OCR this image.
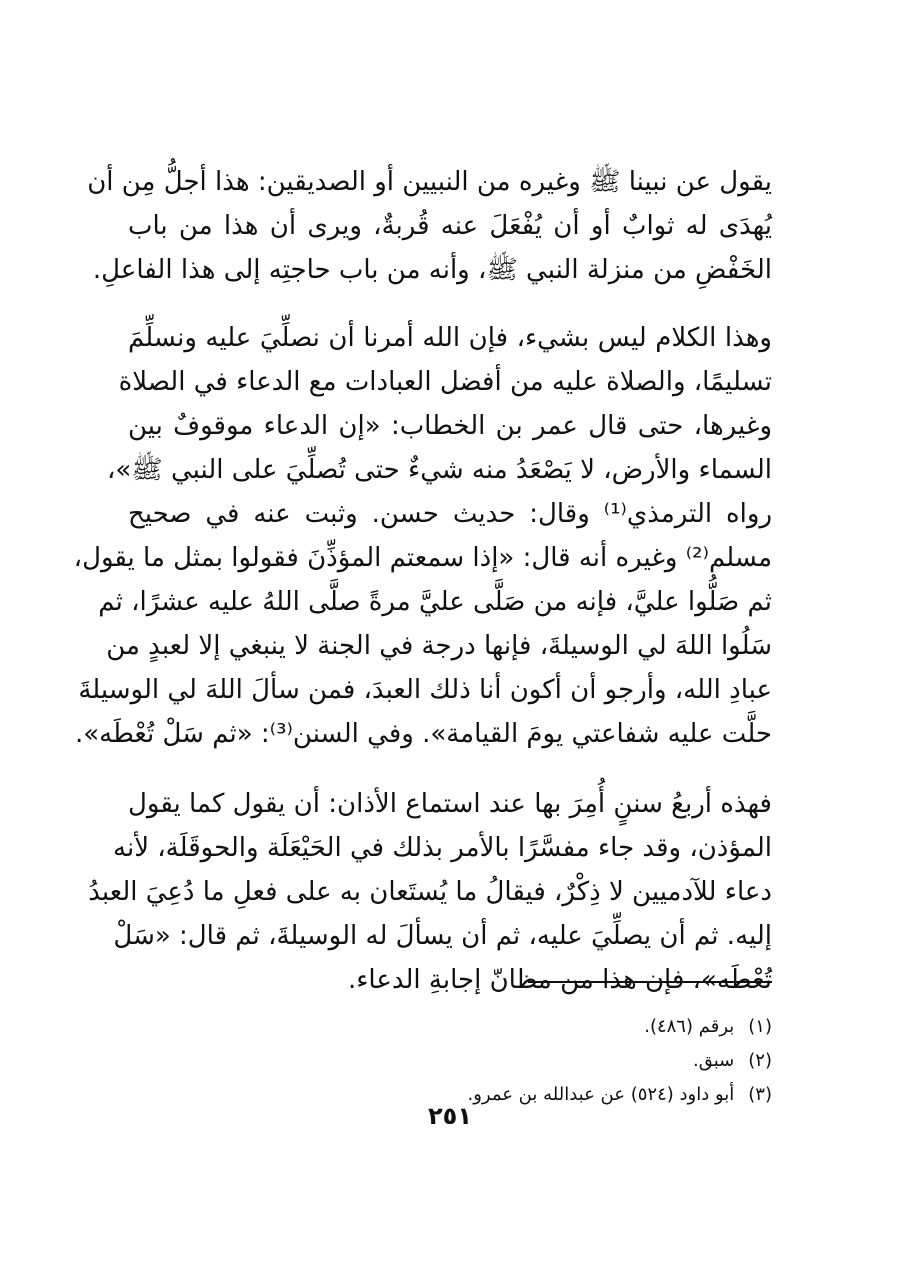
يقول عن نبينا ﷺ وغيره من النبيين أو الصديقين: هذا أجلُّ مِن أن
يُهدَى له ثوابٌ أو أن يُفْعَلَ عنه قُربةٌ، ويرى أن هذا من باب
الخَفْضِ من منزلة النبي ﷺ، وأنه من باب حاجتِه إلى هذا الفاعلِ.
وهذا الكلام ليس بشيء، فإن الله أمرنا أن نصلِّيَ عليه ونسلِّمَ
تسليمًا، والصلاة عليه من أفضل العبادات مع الدعاء في الصلاة
وغيرها، حتى قال عمر بن الخطاب: «إن الدعاء موقوفٌ بين
السماء والأرض، لا يَصْعَدُ منه شيءٌ حتى تُصلِّيَ على النبي ﷺ»،
رواه الترمذي⁽¹⁾ وقال: حديث حسن. وثبت عنه في صحيح
مسلم⁽²⁾ وغيره أنه قال: «إذا سمعتم المؤذِّنَ فقولوا بمثل ما يقول،
ثم صَلُّوا عليَّ، فإنه من صَلَّى عليَّ مرةً صلَّى اللهُ عليه عشرًا، ثم
سَلُوا اللهَ لي الوسيلةَ، فإنها درجة في الجنة لا ينبغي إلا لعبدٍ من
عبادِ الله، وأرجو أن أكون أنا ذلك العبدَ، فمن سألَ اللهَ لي الوسيلةَ
حلَّت عليه شفاعتي يومَ القيامة». وفي السنن⁽³⁾: «ثم سَلْ تُعْطَه».
فهذه أربعُ سننٍ أُمِرَ بها عند استماع الأذان: أن يقول كما يقول
المؤذن، وقد جاء مفسَّرًا بالأمر بذلك في الحَيْعَلَة والحوقَلَة، لأنه
دعاء للآدميين لا ذِكْرٌ، فيقالُ ما يُستَعان به على فعلِ ما دُعِيَ العبدُ
إليه. ثم أن يصلِّيَ عليه، ثم أن يسألَ له الوسيلةَ، ثم قال: «سَلْ
تُعْطَه»، فإن هذا من مظانّ إجابةِ الدعاء.
(١)برقم (٤٨٦).
(٢)سبق.
(٣)أبو داود (٥٢٤) عن عبدالله بن عمرو.
٢٥١
